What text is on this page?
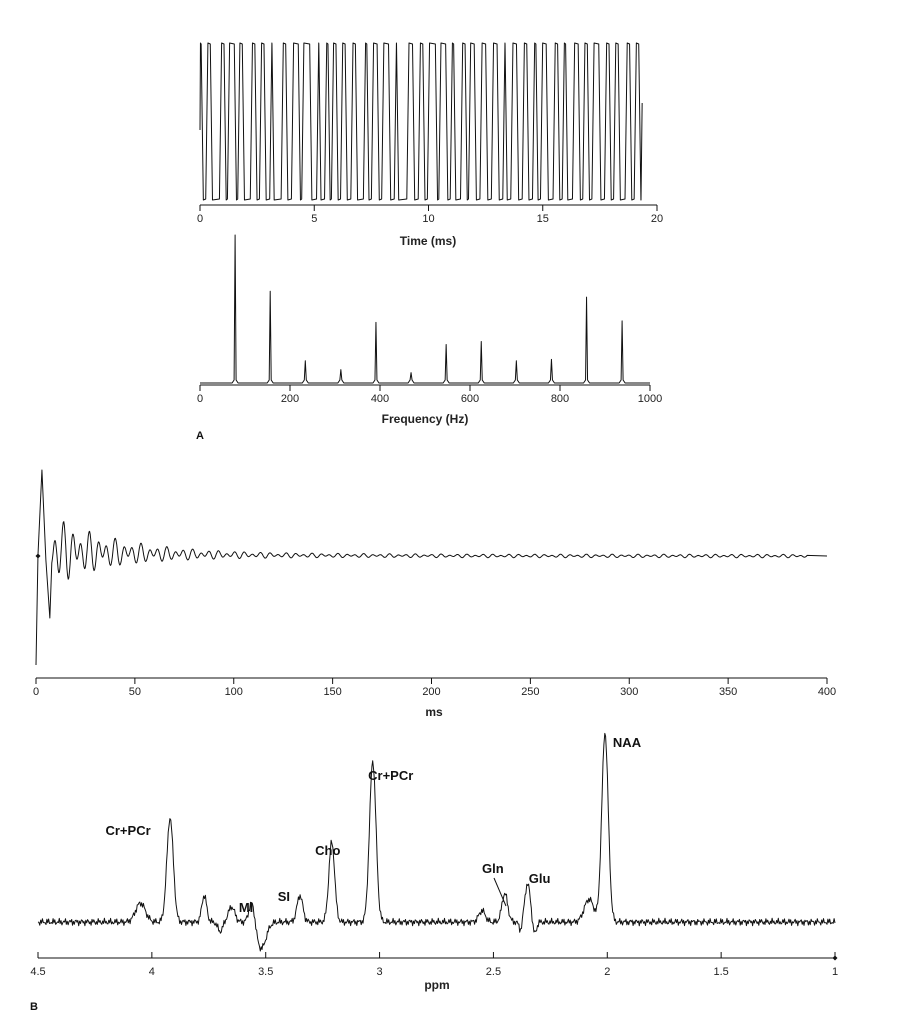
0	5	10	15	20
Time (ms)
0	200	400	600	800	1000
Frequency (Hz)
A
0	50	100	150	200	250	300	350	400
ms
4.5	4	3.5	3	2.5	2	1.5	1
Cr+PCr
MI
SI
Cho
Cr+PCr
Gln
Glu
NAA
ppm
B
